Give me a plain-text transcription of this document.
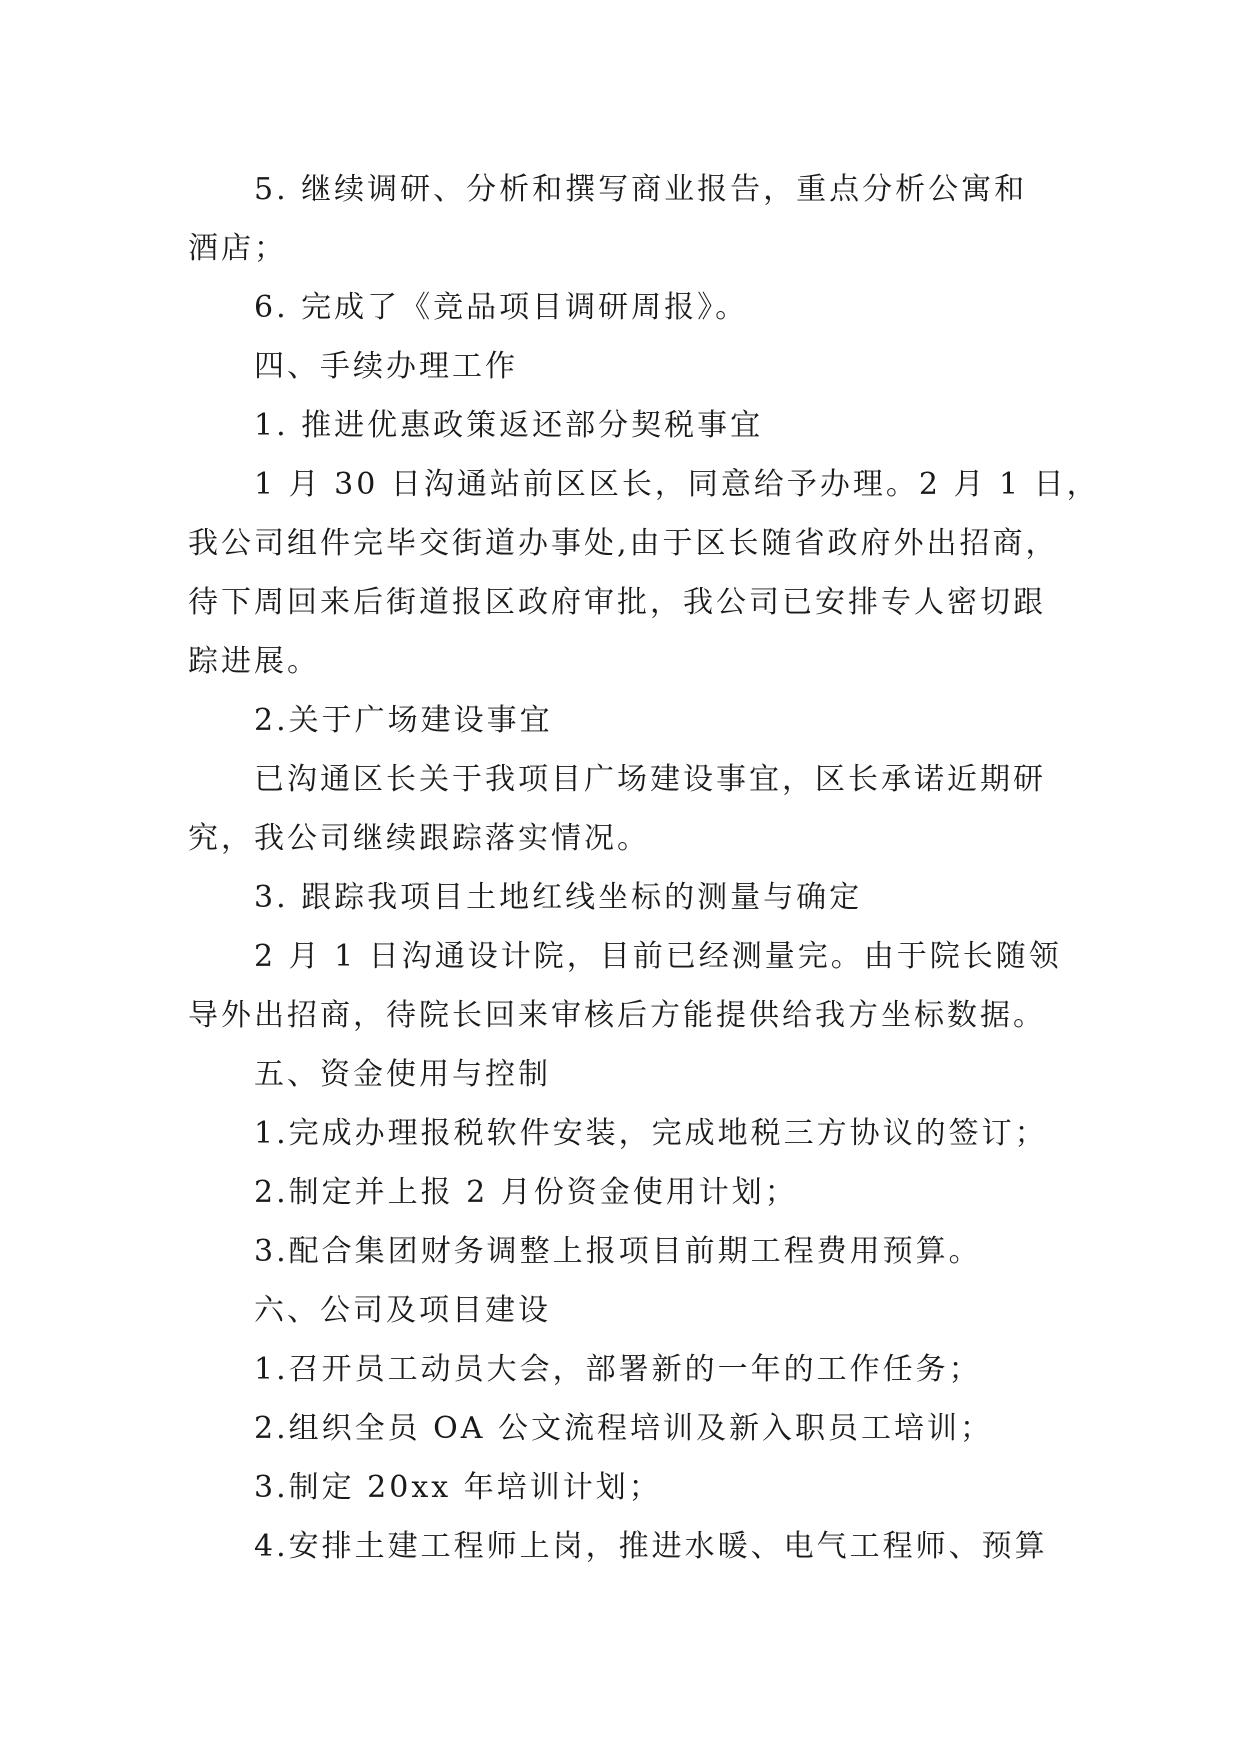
5. 继续调研、分析和撰写商业报告，重点分析公寓和
酒店；
6. 完成了《竞品项目调研周报》。
四、手续办理工作
1. 推进优惠政策返还部分契税事宜
1 月 30 日沟通站前区区长，同意给予办理。2 月 1 日，
我公司组件完毕交街道办事处,由于区长随省政府外出招商，
待下周回来后街道报区政府审批，我公司已安排专人密切跟
踪进展。
2.关于广场建设事宜
已沟通区长关于我项目广场建设事宜，区长承诺近期研
究，我公司继续跟踪落实情况。
3. 跟踪我项目土地红线坐标的测量与确定
2 月 1 日沟通设计院，目前已经测量完。由于院长随领
导外出招商，待院长回来审核后方能提供给我方坐标数据。
五、资金使用与控制
1.完成办理报税软件安装，完成地税三方协议的签订；
2.制定并上报 2 月份资金使用计划；
3.配合集团财务调整上报项目前期工程费用预算。
六、公司及项目建设
1.召开员工动员大会，部署新的一年的工作任务；
2.组织全员 OA 公文流程培训及新入职员工培训；
3.制定 20xx 年培训计划；
4.安排土建工程师上岗，推进水暖、电气工程师、预算
